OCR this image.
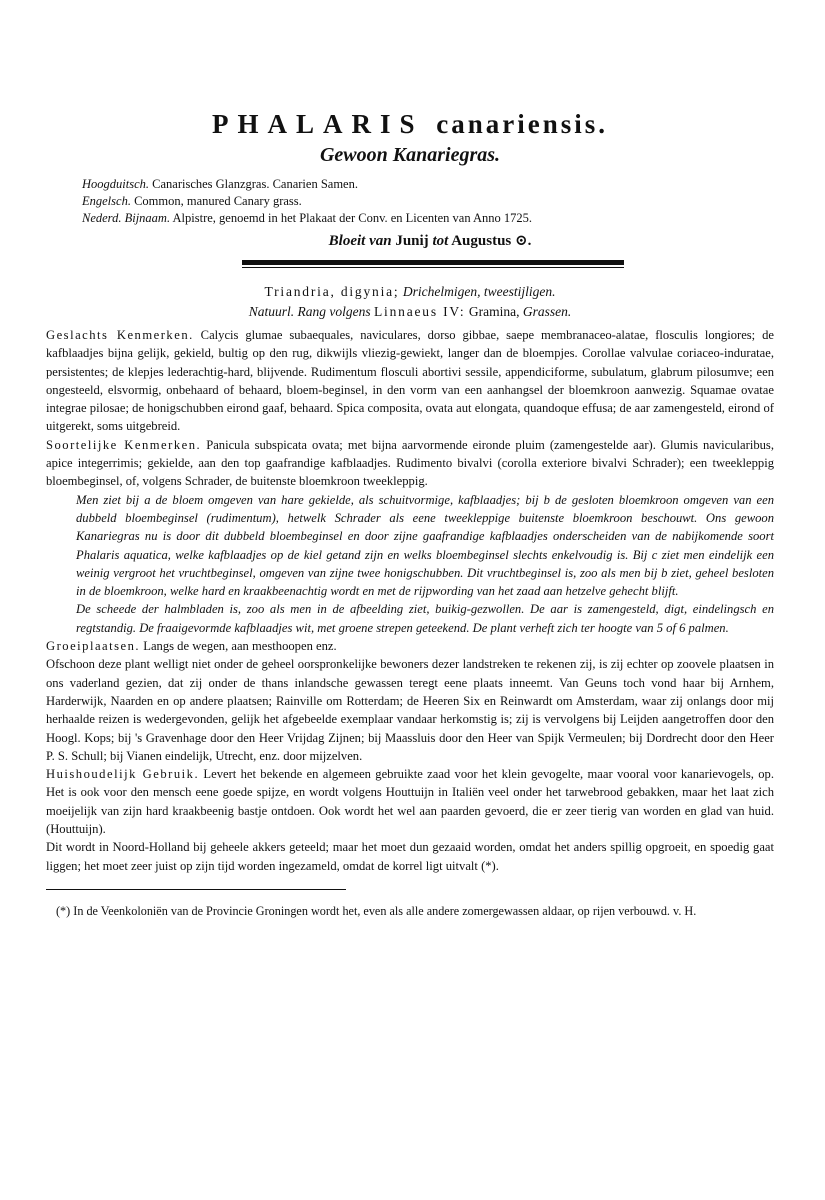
PHALARIS canariensis.
Gewoon Kanariegras.
Hoogduitsch. Canarisches Glanzgras. Canarien Samen.
Engelsch. Common, manured Canary grass.
Nederd. Bijnaam. Alpistre, genoemd in het Plakaat der Conv. en Licenten van Anno 1725.
Bloeit van Junij tot Augustus ⊙.
Triandria, digynia; Drichelmigen, tweestijligen.
Natuurl. Rang volgens Linnaeus IV: Gramina, Grassen.

Geslachts Kenmerken. Calycis glumae subaequales, naviculares, dorso gibbae, saepe membranaceo-alatae, flosculis longiores; de kafblaadjes bijna gelijk, gekield, bultig op den rug, dikwijls vliezig-gewiekt, langer dan de bloempjes. Corollae valvulae coriaceo-induratae, persistentes; de klepjes lederachtig-hard, blijvende. Rudimentum flosculi abortivi sessile, appendiciforme, subulatum, glabrum pilosumve; een ongesteeld, elsvormig, onbehaard of behaard, bloem-beginsel, in den vorm van een aanhangsel der bloemkroon aanwezig. Squamae ovatae integrae pilosae; de honigschubben eirond gaaf, behaard. Spica composita, ovata aut elongata, quandoque effusa; de aar zamengesteld, eirond of uitgerekt, soms uitgebreid.

Soortelijke Kenmerken. Panicula subspicata ovata; met bijna aarvormende eironde pluim (zamengestelde aar). Glumis navicularibus, apice integerrimis; gekielde, aan den top gaafrandige kafblaadjes. Rudimento bivalvi (corolla exteriore bivalvi Schrader); een tweekleppig bloembeginsel, of, volgens Schrader, de buitenste bloemkroon tweekleppig.

Men ziet bij a de bloem omgeven van hare gekielde, als schuitvormige, kafblaadjes; bij b de gesloten bloemkroon omgeven van een dubbeld bloembeginsel (rudimentum), hetwelk Schrader als eene tweekleppige buitenste bloemkroon beschouwt. Ons gewoon Kanariegras nu is door dit dubbeld bloembeginsel en door zijne gaafrandige kafblaadjes onderscheiden van de nabijkomende soort Phalaris aquatica, welke kafblaadjes op de kiel getand zijn en welks bloembeginsel slechts enkelvoudig is. Bij c ziet men eindelijk een weinig vergroot het vruchtbeginsel, omgeven van zijne twee honigschubben. Dit vruchtbeginsel is, zoo als men bij b ziet, geheel besloten in de bloemkroon, welke hard en kraakbeenachtig wordt en met de rijpwording van het zaad aan hetzelve gehecht blijft.

De scheede der halmbladen is, zoo als men in de afbeelding ziet, buikig-gezwollen. De aar is zamengesteld, digt, eindelingsch en regtstandig. De fraaigevormde kafblaadjes wit, met groene strepen geteekend. De plant verheft zich ter hoogte van 5 of 6 palmen.

Groeiplaatsen. Langs de wegen, aan mesthoopen enz.

Ofschoon deze plant welligt niet onder de geheel oorspronkelijke bewoners dezer landstreken te rekenen zij, is zij echter op zoovele plaatsen in ons vaderland gezien, dat zij onder de thans inlandsche gewassen teregt eene plaats inneemt. Van Geuns toch vond haar bij Arnhem, Harderwijk, Naarden en op andere plaatsen; Rainville om Rotterdam; de Heeren Six en Reinwardt om Amsterdam, waar zij onlangs door mij herhaalde reizen is wedergevonden, gelijk het afgebeelde exemplaar vandaar herkomstig is; zij is vervolgens bij Leijden aangetroffen door den Hoogl. Kops; bij 's Gravenhage door den Heer Vrijdag Zijnen; bij Maassluis door den Heer van Spijk Vermeulen; bij Dordrecht door den Heer P. S. Schull; bij Vianen eindelijk, Utrecht, enz. door mijzelven.

Huishoudelijk Gebruik. Levert het bekende en algemeen gebruikte zaad voor het klein gevogelte, maar vooral voor kanarievogels, op. Het is ook voor den mensch eene goede spijze, en wordt volgens Houttuijn in Italiën veel onder het tarwebrood gebakken, maar het laat zich moeijelijk van zijn hard kraakbeenig bastje ontdoen. Ook wordt het wel aan paarden gevoerd, die er zeer tierig van worden en glad van huid. (Houttuijn).

Dit wordt in Noord-Holland bij geheele akkers geteeld; maar het moet dun gezaaid worden, omdat het anders spillig opgroeit, en spoedig gaat liggen; het moet zeer juist op zijn tijd worden ingezameld, omdat de korrel ligt uitvalt (*).

(*) In de Veenkoloniën van de Provincie Groningen wordt het, even als alle andere zomergewassen aldaar, op rijen verbouwd. v. H.
